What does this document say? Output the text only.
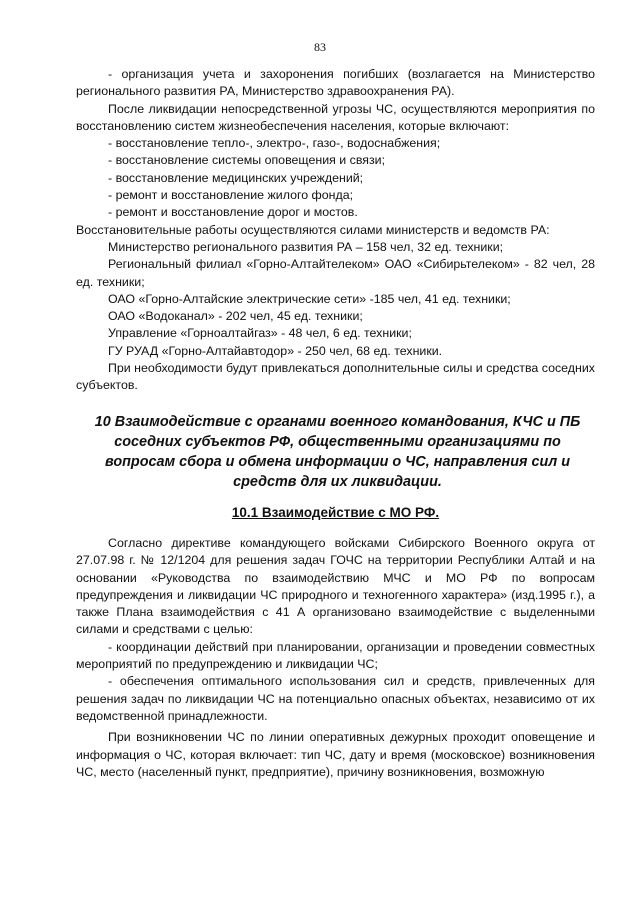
83

- организация учета и захоронения погибших (возлагается на Министерство регионального развития РА, Министерство здравоохранения РА).

После ликвидации непосредственной угрозы ЧС, осуществляются мероприятия по восстановлению систем жизнеобеспечения населения, которые включают:

- восстановление тепло-, электро-, газо-, водоснабжения;

- восстановление системы оповещения и связи;

- восстановление медицинских учреждений;

- ремонт и восстановление жилого фонда;

- ремонт и восстановление дорог и мостов.

Восстановительные работы осуществляются силами министерств и ведомств РА:

Министерство регионального развития РА – 158 чел, 32 ед. техники;

Региональный филиал «Горно-Алтайтелеком» ОАО «Сибирьтелеком» - 82 чел, 28 ед. техники;

ОАО «Горно-Алтайские электрические сети» -185 чел, 41 ед. техники;

ОАО «Водоканал» - 202 чел, 45 ед. техники;

Управление «Горноалтайгаз» - 48 чел, 6 ед. техники;

ГУ РУАД «Горно-Алтайавтодор» - 250 чел, 68 ед. техники.

При необходимости будут привлекаться дополнительные силы и средства соседних субъектов.

10 Взаимодействие с органами военного командования, КЧС и ПБ соседних субъектов РФ, общественными организациями по вопросам сбора и обмена информации о ЧС, направления сил и средств для их ликвидации.
10.1 Взаимодействие с МО РФ.

Согласно директиве командующего войсками Сибирского Военного округа от 27.07.98 г. № 12/1204 для решения задач ГОЧС на территории Республики Алтай и на основании «Руководства по взаимодействию МЧС и МО РФ по вопросам предупреждения и ликвидации ЧС природного и техногенного характера» (изд.1995 г.), а также Плана взаимодействия с 41 А организовано взаимодействие с выделенными силами и средствами с целью:

- координации действий при планировании, организации и проведении совместных мероприятий по предупреждению и ликвидации ЧС;

- обеспечения оптимального использования сил и средств, привлеченных для решения задач по ликвидации ЧС на потенциально опасных объектах, независимо от их ведомственной принадлежности.

При возникновении ЧС по линии оперативных дежурных проходит оповещение и информация о ЧС, которая включает: тип ЧС, дату и время (московское) возникновения ЧС, место (населенный пункт, предприятие), причину возникновения, возможную
